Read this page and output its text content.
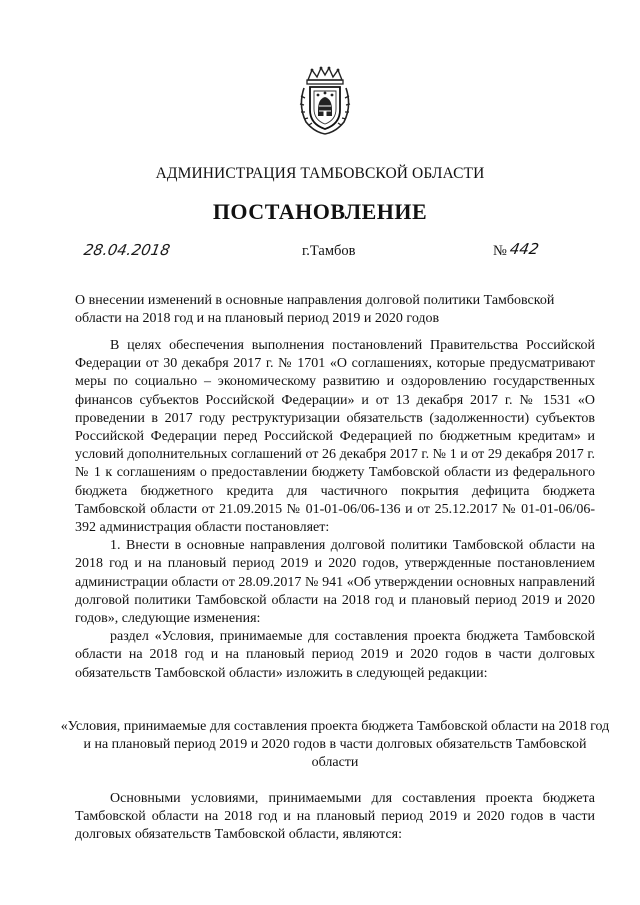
АДМИНИСТРАЦИЯ ТАМБОВСКОЙ ОБЛАСТИ
ПОСТАНОВЛЕНИЕ
28.04.2018	г.Тамбов	№ 442
О внесении изменений в основные направления долговой политики Тамбовской области на 2018 год и на плановый период 2019 и 2020 годов

В целях обеспечения выполнения постановлений Правительства Российской Федерации от 30 декабря 2017 г. № 1701 «О соглашениях, которые предусматривают меры по социально – экономическому развитию и оздоровлению государственных финансов субъектов Российской Федерации» и от 13 декабря 2017 г. № 1531 «О проведении в 2017 году реструктуризации обязательств (задолженности) субъектов Российской Федерации перед Российской Федерацией по бюджетным кредитам» и условий дополнительных соглашений от 26 декабря 2017 г. № 1 и от 29 декабря 2017 г. № 1 к соглашениям о предоставлении бюджету Тамбовской области из федерального бюджета бюджетного кредита для частичного покрытия дефицита бюджета Тамбовской области от 21.09.2015 № 01-01-06/06-136 и от 25.12.2017 № 01-01-06/06-392 администрация области постановляет:

1. Внести в основные направления долговой политики Тамбовской области на 2018 год и на плановый период 2019 и 2020 годов, утвержденные постановлением администрации области от 28.09.2017 № 941 «Об утверждении основных направлений долговой политики Тамбовской области на 2018 год и плановый период 2019 и 2020 годов», следующие изменения:

раздел «Условия, принимаемые для составления проекта бюджета Тамбовской области на 2018 год и на плановый период 2019 и 2020 годов в части долговых обязательств Тамбовской области» изложить в следующей редакции:

«Условия, принимаемые для составления проекта бюджета Тамбовской области на 2018 год и на плановый период 2019 и 2020 годов в части долговых обязательств Тамбовской области

Основными условиями, принимаемыми для составления проекта бюджета Тамбовской области на 2018 год и на плановый период 2019 и 2020 годов в части долговых обязательств Тамбовской области, являются:
